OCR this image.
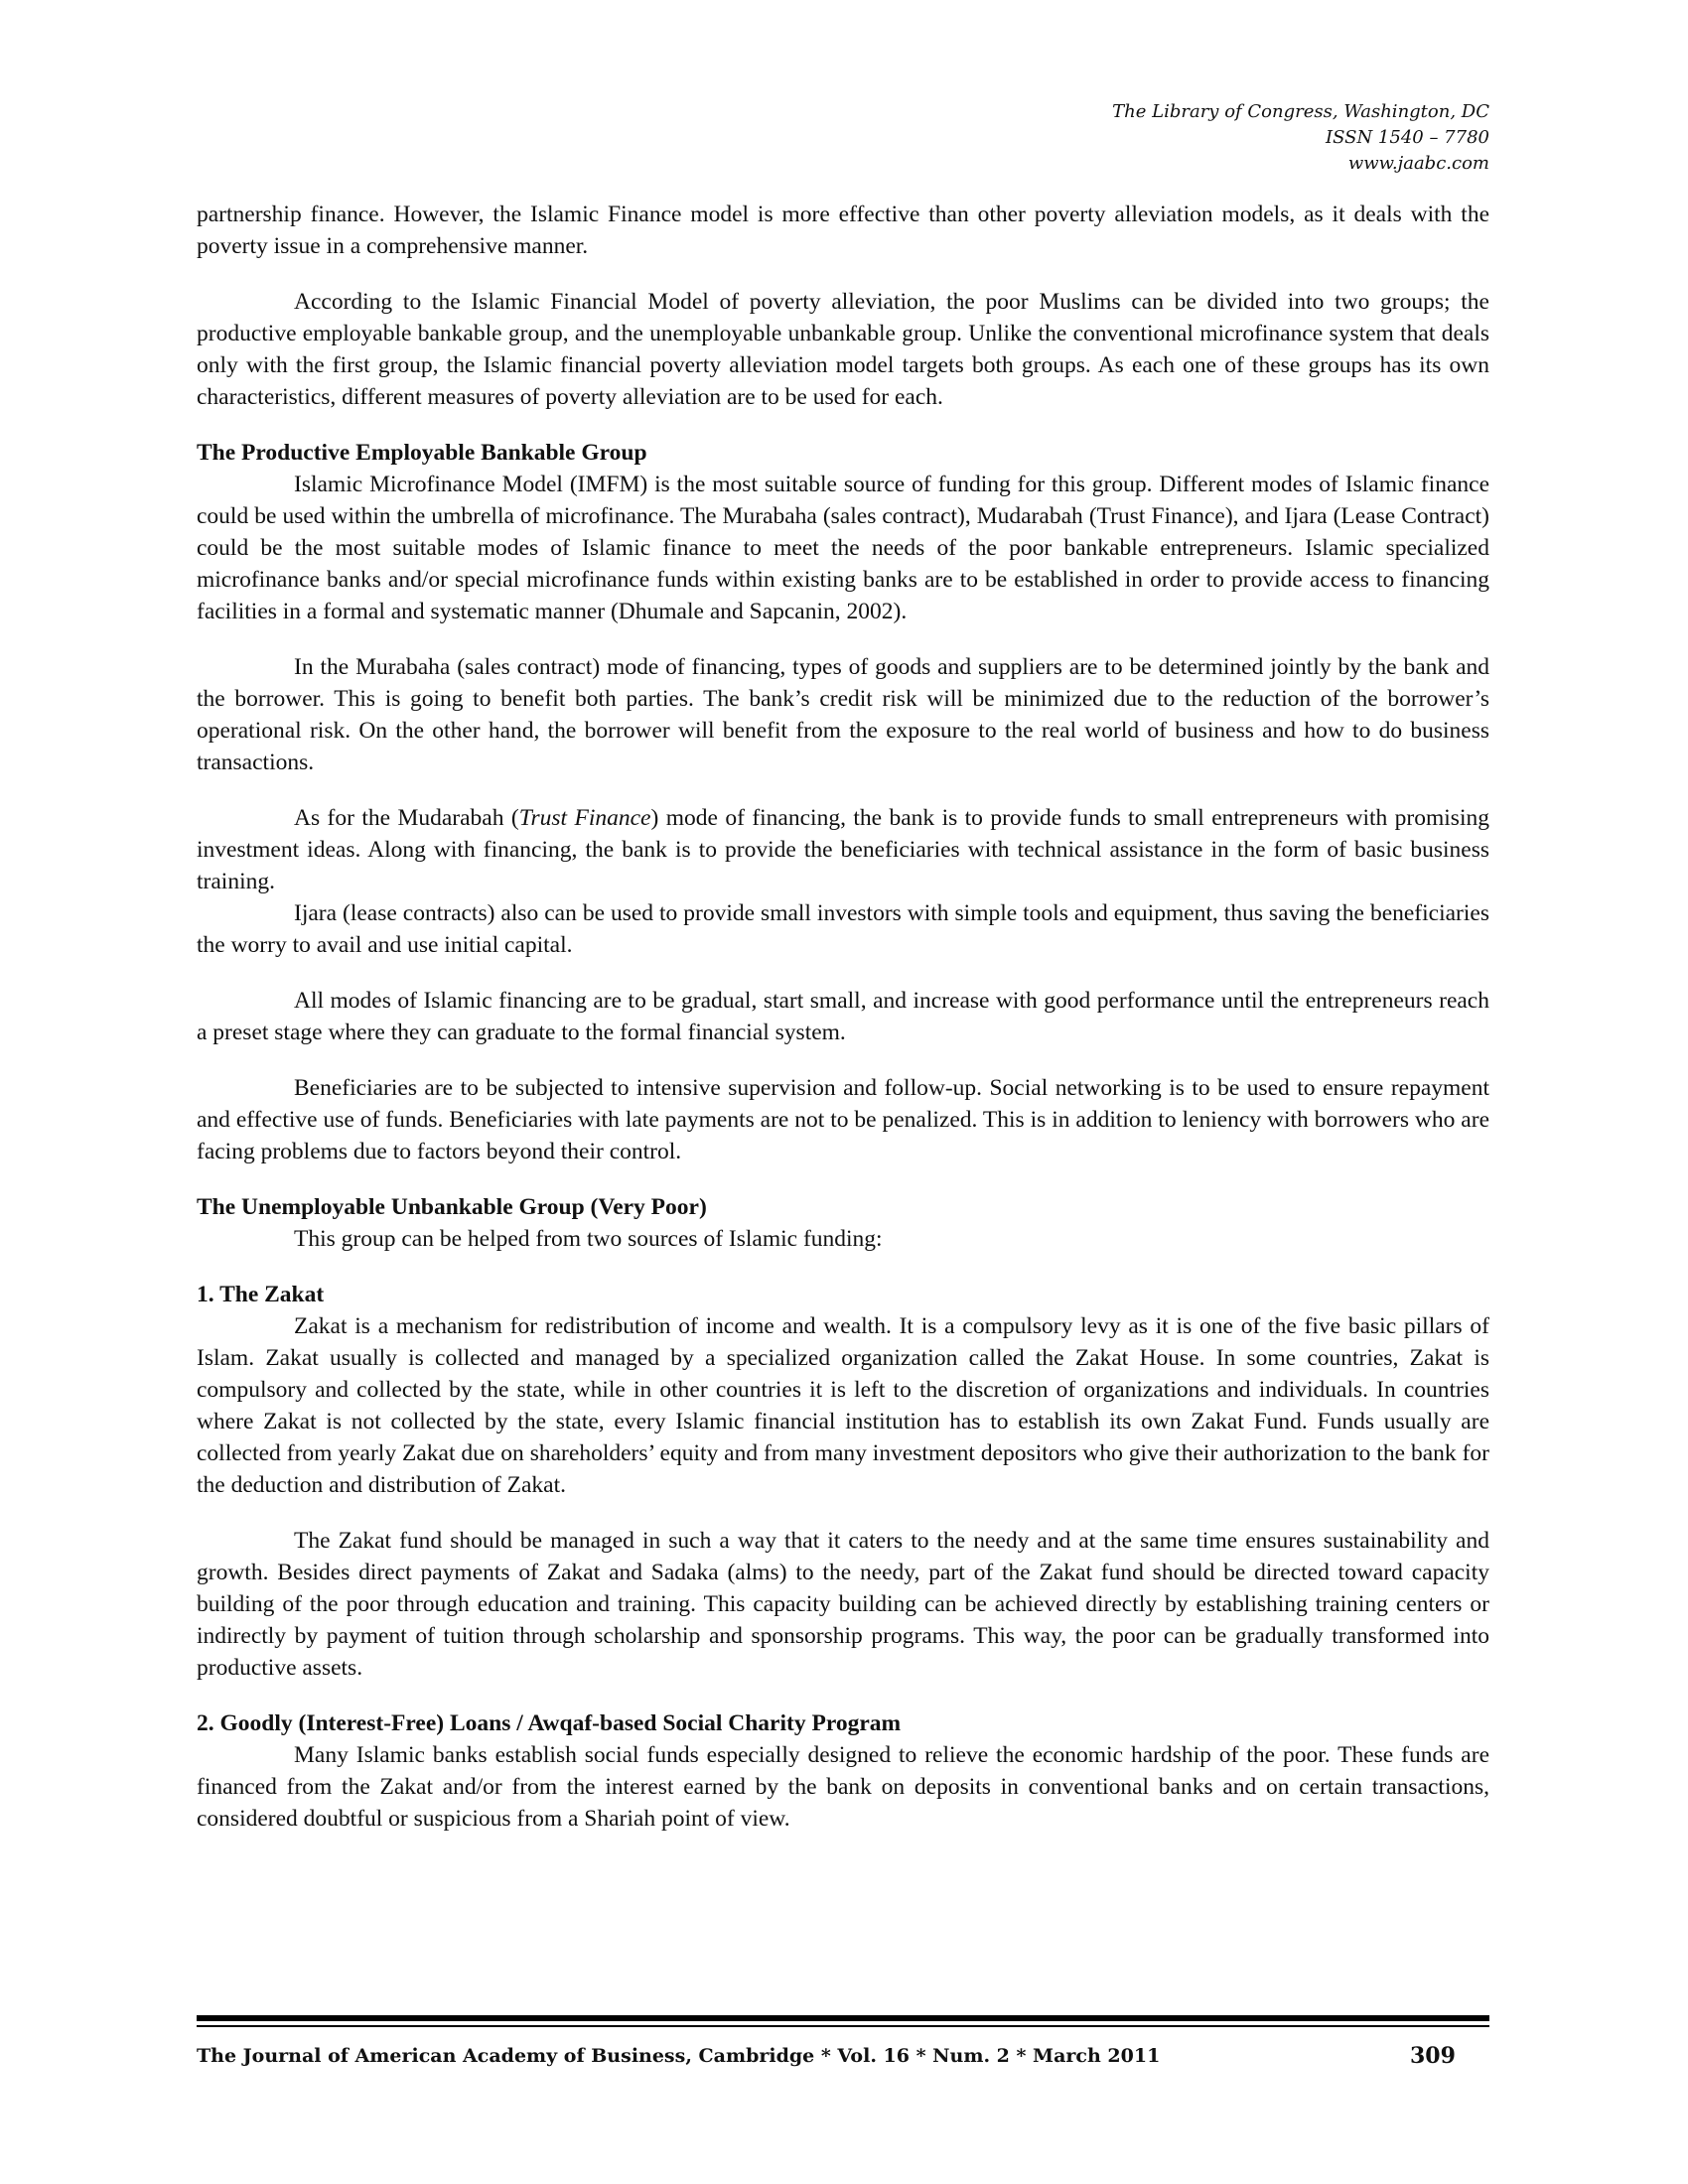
The Library of Congress, Washington, DC
ISSN 1540 – 7780
www.jaabc.com

partnership finance. However, the Islamic Finance model is more effective than other poverty alleviation models, as it deals with the poverty issue in a comprehensive manner.

According to the Islamic Financial Model of poverty alleviation, the poor Muslims can be divided into two groups; the productive employable bankable group, and the unemployable unbankable group. Unlike the conventional microfinance system that deals only with the first group, the Islamic financial poverty alleviation model targets both groups. As each one of these groups has its own characteristics, different measures of poverty alleviation are to be used for each.

The Productive Employable Bankable Group

Islamic Microfinance Model (IMFM) is the most suitable source of funding for this group. Different modes of Islamic finance could be used within the umbrella of microfinance. The Murabaha (sales contract), Mudarabah (Trust Finance), and Ijara (Lease Contract) could be the most suitable modes of Islamic finance to meet the needs of the poor bankable entrepreneurs. Islamic specialized microfinance banks and/or special microfinance funds within existing banks are to be established in order to provide access to financing facilities in a formal and systematic manner (Dhumale and Sapcanin, 2002).

In the Murabaha (sales contract) mode of financing, types of goods and suppliers are to be determined jointly by the bank and the borrower. This is going to benefit both parties. The bank’s credit risk will be minimized due to the reduction of the borrower’s operational risk. On the other hand, the borrower will benefit from the exposure to the real world of business and how to do business transactions.

As for the Mudarabah (Trust Finance) mode of financing, the bank is to provide funds to small entrepreneurs with promising investment ideas. Along with financing, the bank is to provide the beneficiaries with technical assistance in the form of basic business training.

Ijara (lease contracts) also can be used to provide small investors with simple tools and equipment, thus saving the beneficiaries the worry to avail and use initial capital.

All modes of Islamic financing are to be gradual, start small, and increase with good performance until the entrepreneurs reach a preset stage where they can graduate to the formal financial system.

Beneficiaries are to be subjected to intensive supervision and follow-up. Social networking is to be used to ensure repayment and effective use of funds. Beneficiaries with late payments are not to be penalized. This is in addition to leniency with borrowers who are facing problems due to factors beyond their control.

The Unemployable Unbankable Group (Very Poor)

This group can be helped from two sources of Islamic funding:

1. The Zakat

Zakat is a mechanism for redistribution of income and wealth. It is a compulsory levy as it is one of the five basic pillars of Islam. Zakat usually is collected and managed by a specialized organization called the Zakat House. In some countries, Zakat is compulsory and collected by the state, while in other countries it is left to the discretion of organizations and individuals. In countries where Zakat is not collected by the state, every Islamic financial institution has to establish its own Zakat Fund. Funds usually are collected from yearly Zakat due on shareholders’ equity and from many investment depositors who give their authorization to the bank for the deduction and distribution of Zakat.

The Zakat fund should be managed in such a way that it caters to the needy and at the same time ensures sustainability and growth. Besides direct payments of Zakat and Sadaka (alms) to the needy, part of the Zakat fund should be directed toward capacity building of the poor through education and training. This capacity building can be achieved directly by establishing training centers or indirectly by payment of tuition through scholarship and sponsorship programs. This way, the poor can be gradually transformed into productive assets.

2. Goodly (Interest-Free) Loans / Awqaf-based Social Charity Program

Many Islamic banks establish social funds especially designed to relieve the economic hardship of the poor. These funds are financed from the Zakat and/or from the interest earned by the bank on deposits in conventional banks and on certain transactions, considered doubtful or suspicious from a Shariah point of view.

The Journal of American Academy of Business, Cambridge * Vol. 16 * Num. 2 * March 2011	309
